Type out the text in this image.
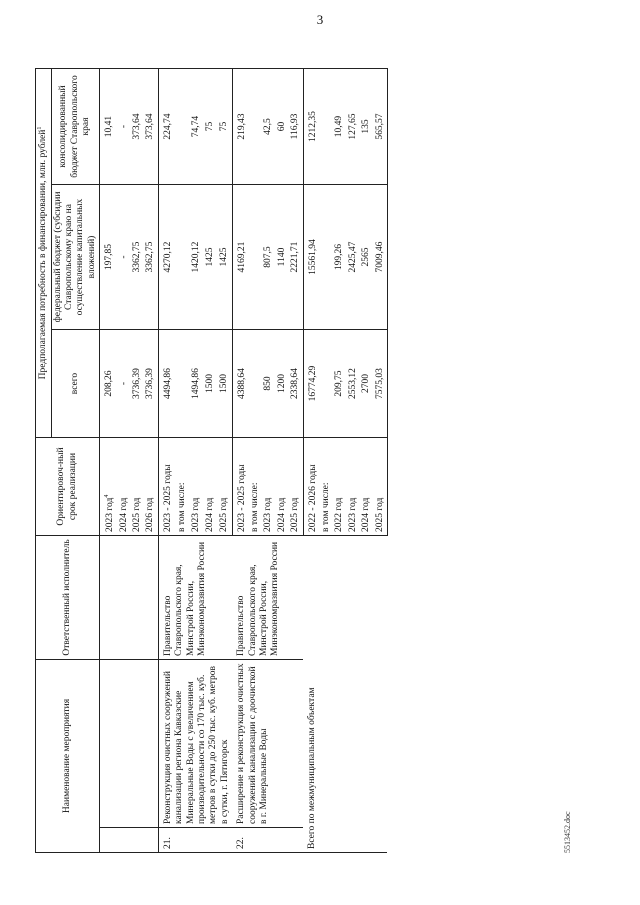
3
Наименование мероприятия		Ответственный исполнитель	Ориентировоч-ный срок реализации	Предполагаемая потребность в финансировании, млн. рублей$^1$
				всего	федеральный бюджет (субсидии Ставропольскому краю на осуществление капитальных вложений)	консолидированный бюджет Ставропольского края
			2023 год$^4$	208,26	197,85	10,41
			2024 год	-	-	-
			2025 год	3736,39	3362,75	373,64
			2026 год	3736,39	3362,75	373,64
21.	Реконструкция очистных сооружений канализации региона Кавказские Минеральные Воды с увеличением производительности со 170 тыс. куб. метров в сутки до 250 тыс. куб. метров в сутки, г. Пятигорск	Правительство Ставропольского края, Минстрой России, Минэкономразвития России	2023 - 2025 годы	4494,86	4270,12	224,74
			в том числе:			
			2023 год	1494,86	1420,12	74,74
			2024 год	1500	1425	75
			2025 год	1500	1425	75
22.	Расширение и реконструкция очистных сооружений канализации с доочисткой в г. Минеральные Воды	Правительство Ставропольского края, Минстрой России, Минэкономразвития России	2023 - 2025 годы	4388,64	4169,21	219,43
			в том числе:			
			2023 год	850	807,5	42,5
			2024 год	1200	1140	60
			2025 год	2338,64	2221,71	116,93
Всего по межмуниципальным объектам			2022 - 2026 годы	16774,29	15561,94	1212,35
			в том числе:			
			2022 год	209,75	199,26	10,49
			2023 год	2553,12	2425,47	127,65
			2024 год	2700	2565	135
			2025 год	7575,03	7009,46	565,57
5513452.doc
